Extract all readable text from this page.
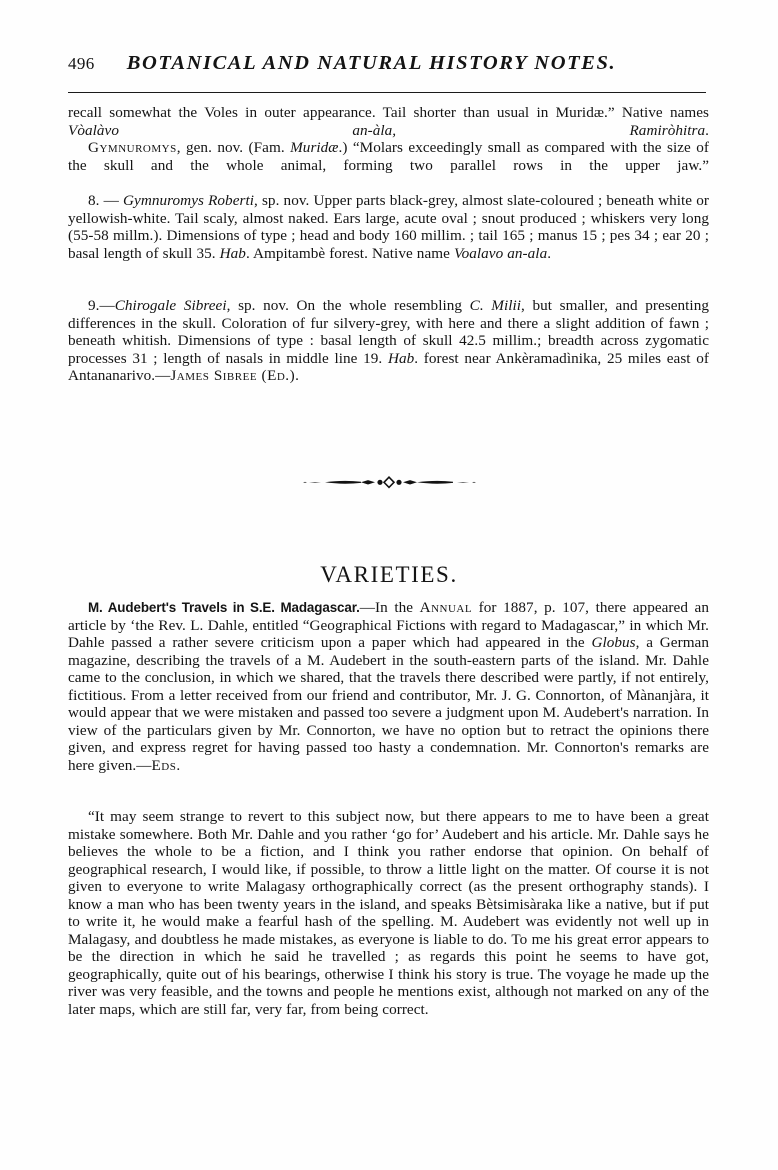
496 BOTANICAL AND NATURAL HISTORY NOTES.

recall somewhat the Voles in outer appearance. Tail shorter than usual in Muridæ.” Native names Vòalàvo an-àla, Ramiròhitra.

Gymnuromys, gen. nov. (Fam. Muridæ.) “Molars exceedingly small as compared with the size of the skull and the whole animal, forming two parallel rows in the upper jaw.”

8. — Gymnuromys Roberti, sp. nov. Upper parts black-grey, almost slate-coloured ; beneath white or yellowish-white. Tail scaly, almost naked. Ears large, acute oval ; snout produced ; whiskers very long (55-58 millm.). Dimensions of type ; head and body 160 millim. ; tail 165 ; manus 15 ; pes 34 ; ear 20 ; basal length of skull 35. Hab. Ampitambè forest. Native name Voalavo an-ala.

9.—Chirogale Sibreei, sp. nov. On the whole resembling C. Milii, but smaller, and presenting differences in the skull. Coloration of fur silvery-grey, with here and there a slight addition of fawn ; beneath whitish. Dimensions of type : basal length of skull 42.5 millim.; breadth across zygomatic processes 31 ; length of nasals in middle line 19. Hab. forest near Ankèramadìnika, 25 miles east of Antananarivo.—James Sibree (Ed.).

VARIETIES.

M. Audebert's Travels in S.E. Madagascar.—In the Annual for 1887, p. 107, there appeared an article by ‘the Rev. L. Dahle, entitled “Geographical Fictions with regard to Madagascar,” in which Mr. Dahle passed a rather severe criticism upon a paper which had appeared in the Globus, a German magazine, describing the travels of a M. Audebert in the south-eastern parts of the island. Mr. Dahle came to the conclusion, in which we shared, that the travels there described were partly, if not entirely, fictitious. From a letter received from our friend and contributor, Mr. J. G. Connorton, of Mànanjàra, it would appear that we were mistaken and passed too severe a judgment upon M. Audebert's narration. In view of the particulars given by Mr. Connorton, we have no option but to retract the opinions there given, and express regret for having passed too hasty a condemnation. Mr. Connorton's remarks are here given.—Eds.

“It may seem strange to revert to this subject now, but there appears to me to have been a great mistake somewhere. Both Mr. Dahle and you rather ‘go for’ Audebert and his article. Mr. Dahle says he believes the whole to be a fiction, and I think you rather endorse that opinion. On behalf of geographical research, I would like, if possible, to throw a little light on the matter. Of course it is not given to everyone to write Malagasy orthographically correct (as the present orthography stands). I know a man who has been twenty years in the island, and speaks Bètsimisàraka like a native, but if put to write it, he would make a fearful hash of the spelling. M. Audebert was evidently not well up in Malagasy, and doubtless he made mistakes, as everyone is liable to do. To me his great error appears to be the direction in which he said he travelled ; as regards this point he seems to have got, geographically, quite out of his bearings, otherwise I think his story is true. The voyage he made up the river was very feasible, and the towns and people he mentions exist, although not marked on any of the later maps, which are still far, very far, from being correct.
